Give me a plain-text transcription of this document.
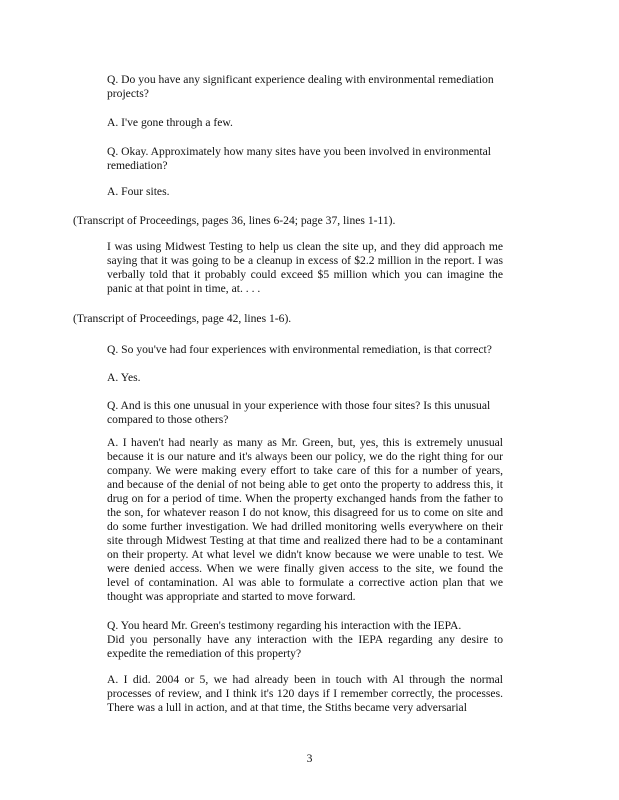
Q. Do you have any significant experience dealing with environmental remediation projects?

A. I've gone through a few.

Q. Okay. Approximately how many sites have you been involved in environmental remediation?

A. Four sites.

(Transcript of Proceedings, pages 36, lines 6-24; page 37, lines 1-11).

I was using Midwest Testing to help us clean the site up, and they did approach me saying that it was going to be a cleanup in excess of $2.2 million in the report. I was verbally told that it probably could exceed $5 million which you can imagine the panic at that point in time, at. . . .

(Transcript of Proceedings, page 42, lines 1-6).

Q. So you've had four experiences with environmental remediation, is that correct?

A. Yes.

Q. And is this one unusual in your experience with those four sites? Is this unusual compared to those others?

A. I haven't had nearly as many as Mr. Green, but, yes, this is extremely unusual because it is our nature and it's always been our policy, we do the right thing for our company. We were making every effort to take care of this for a number of years, and because of the denial of not being able to get onto the property to address this, it drug on for a period of time. When the property exchanged hands from the father to the son, for whatever reason I do not know, this disagreed for us to come on site and do some further investigation. We had drilled monitoring wells everywhere on their site through Midwest Testing at that time and realized there had to be a contaminant on their property. At what level we didn't know because we were unable to test. We were denied access. When we were finally given access to the site, we found the level of contamination. Al was able to formulate a corrective action plan that we thought was appropriate and started to move forward.

Q. You heard Mr. Green's testimony regarding his interaction with the IEPA.

Did you personally have any interaction with the IEPA regarding any desire to expedite the remediation of this property?

A. I did. 2004 or 5, we had already been in touch with Al through the normal processes of review, and I think it's 120 days if I remember correctly, the processes. There was a lull in action, and at that time, the Stiths became very adversarial

3
